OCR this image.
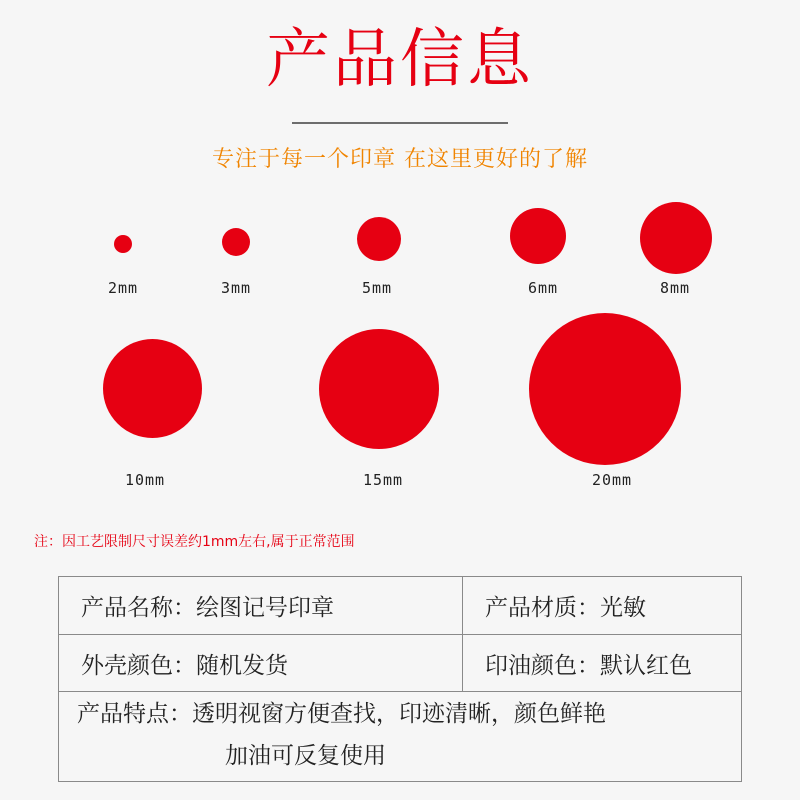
产品信息
专注于每一个印章 在这里更好的了解
2mm	3mm	5mm	6mm	8mm
10mm	15mm	20mm
注：因工艺限制尺寸误差约1mm左右,属于正常范围
产品名称：绘图记号印章	产品材质：光敏
外壳颜色：随机发货	印油颜色：默认红色
产品特点：透明视窗方便查找，印迹清晰，颜色鲜艳
加油可反复使用
